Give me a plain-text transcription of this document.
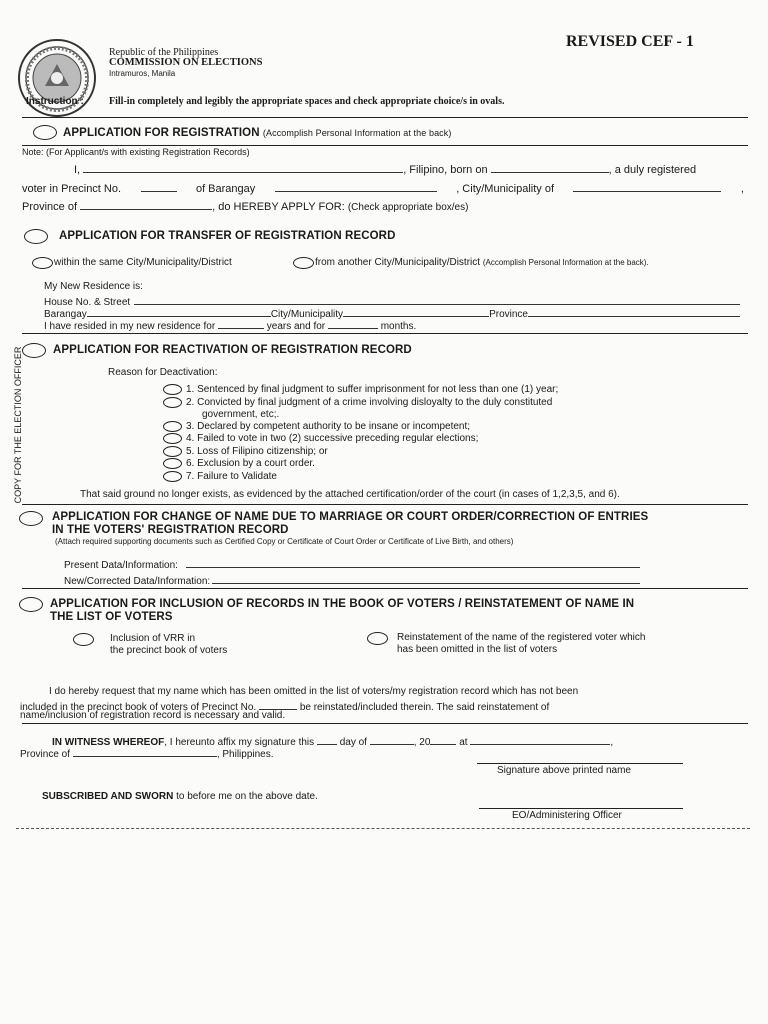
Republic of the Philippines
COMMISSION ON ELECTIONS
Intramuros, Manila
REVISED CEF - 1
Instruction :	Fill-in completely and legibly the appropriate spaces and check appropriate choice/s in ovals.
COPY FOR THE ELECTION OFFICER
APPLICATION FOR REGISTRATION (Accomplish Personal Information at the back)
Note: (For Applicant/s with existing Registration Records)
I,	, Filipino, born on	, a duly registered
voter in Precinct No.	of Barangay	, City/Municipality of	,
Province of	, do HEREBY APPLY FOR: (Check appropriate box/es)
APPLICATION FOR TRANSFER OF REGISTRATION RECORD
within the same City/Municipality/District	from another City/Municipality/District (Accomplish Personal Information at the back).
My New Residence is:
House No. & Street
Barangay	City/Municipality	Province
I have resided in my new residence for	years and for	months.
APPLICATION FOR REACTIVATION OF REGISTRATION RECORD
Reason for Deactivation:
1. Sentenced by final judgment to suffer imprisonment for not less than one (1) year;
2. Convicted by final judgment of a crime involving disloyalty to the duly constituted
government, etc;.
3. Declared by competent authority to be insane or incompetent;
4. Failed to vote in two (2) successive preceding regular elections;
5. Loss of Filipino citizenship; or
6. Exclusion by a court order.
7. Failure to Validate
That said ground no longer exists, as evidenced by the attached certification/order of the court (in cases of 1,2,3,5, and 6).
APPLICATION FOR CHANGE OF NAME DUE TO MARRIAGE OR COURT ORDER/CORRECTION OF ENTRIES
IN THE VOTERS' REGISTRATION RECORD
(Attach required supporting documents such as Certified Copy or Certificate of Court Order or Certificate of Live Birth, and others)
Present Data/Information:
New/Corrected Data/Information:
APPLICATION FOR INCLUSION OF RECORDS IN THE BOOK OF VOTERS / REINSTATEMENT OF NAME IN
THE LIST OF VOTERS
Inclusion of VRR in
the precinct book of voters
Reinstatement of the name of the registered voter which
has been omitted in the list of voters
I do hereby request that my name which has been omitted in the list of voters/my registration record which has not been
included in the precinct book of voters of Precinct No.	be reinstated/included therein. The said reinstatement of
name/inclusion of registration record is necessary and valid.
IN WITNESS WHEREOF, I hereunto affix my signature this	day of	, 20	at	,
Province of	, Philippines.
Signature above printed name
SUBSCRIBED AND SWORN to before me on the above date.
EO/Administering Officer
